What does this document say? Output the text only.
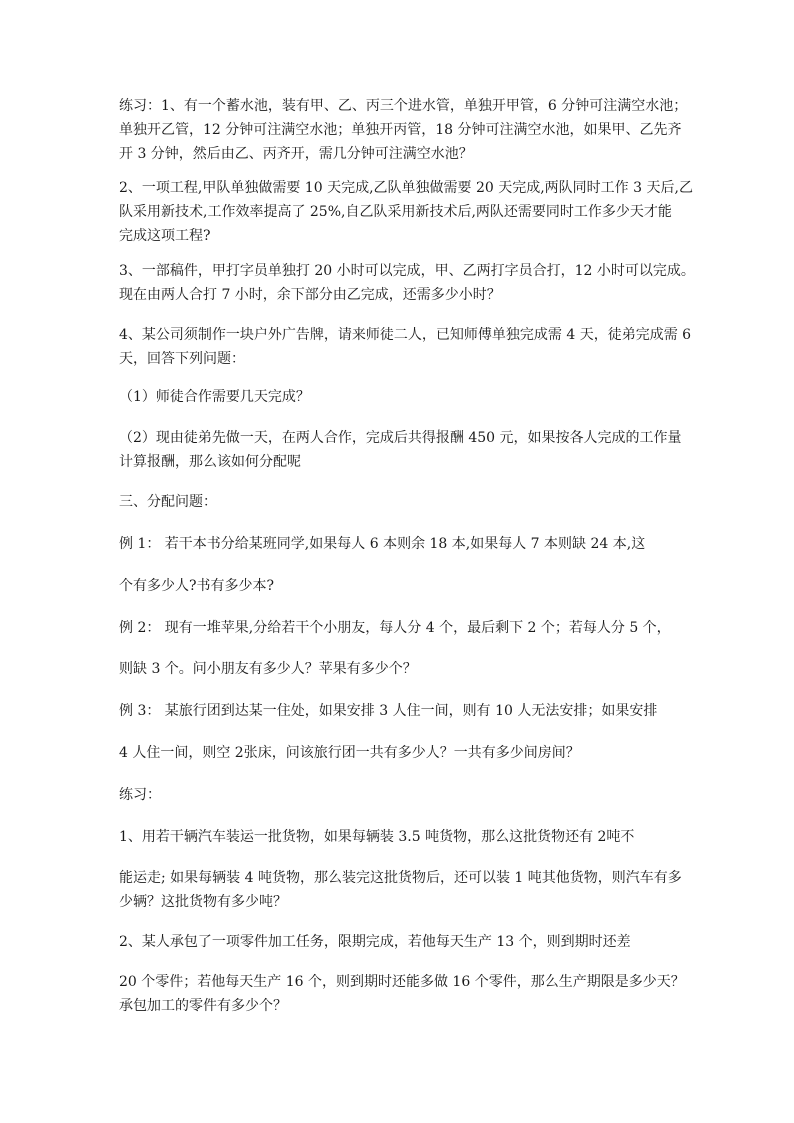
练习：1、有一个蓄水池，装有甲、乙、丙三个进水管，单独开甲管，6 分钟可注满空水池；
单独开乙管，12 分钟可注满空水池；单独开丙管，18 分钟可注满空水池，如果甲、乙先齐
开 3 分钟，然后由乙、丙齐开，需几分钟可注满空水池？
2、一项工程,甲队单独做需要 10 天完成,乙队单独做需要 20 天完成,两队同时工作 3 天后,乙
队采用新技术,工作效率提高了 25%,自乙队采用新技术后,两队还需要同时工作多少天才能
完成这项工程?
3、一部稿件，甲打字员单独打 20 小时可以完成，甲、乙两打字员合打，12 小时可以完成。
现在由两人合打 7 小时，余下部分由乙完成，还需多少小时？
4、某公司须制作一块户外广告牌，请来师徒二人，已知师傅单独完成需 4 天，徒弟完成需 6
天，回答下列问题：
（1）师徒合作需要几天完成？
（2）现由徒弟先做一天，在两人合作，完成后共得报酬 450 元，如果按各人完成的工作量
计算报酬，那么该如何分配呢
三、分配问题：
例 1： 若干本书分给某班同学,如果每人 6 本则余 18 本,如果每人 7 本则缺 24 本,这
个有多少人?书有多少本?
例 2： 现有一堆苹果,分给若干个小朋友，每人分 4 个，最后剩下 2 个；若每人分 5 个，
则缺 3 个。问小朋友有多少人？苹果有多少个？
例 3： 某旅行团到达某一住处，如果安排 3 人住一间，则有 10 人无法安排；如果安排
4 人住一间，则空 2张床，问该旅行团一共有多少人？一共有多少间房间？
练习：
1、用若干辆汽车装运一批货物，如果每辆装 3.5 吨货物，那么这批货物还有 2吨不
能运走; 如果每辆装 4 吨货物，那么装完这批货物后，还可以装 1 吨其他货物，则汽车有多
少辆？这批货物有多少吨？
2、某人承包了一项零件加工任务，限期完成，若他每天生产 13 个，则到期时还差
20 个零件；若他每天生产 16 个，则到期时还能多做 16 个零件，那么生产期限是多少天？
承包加工的零件有多少个？
